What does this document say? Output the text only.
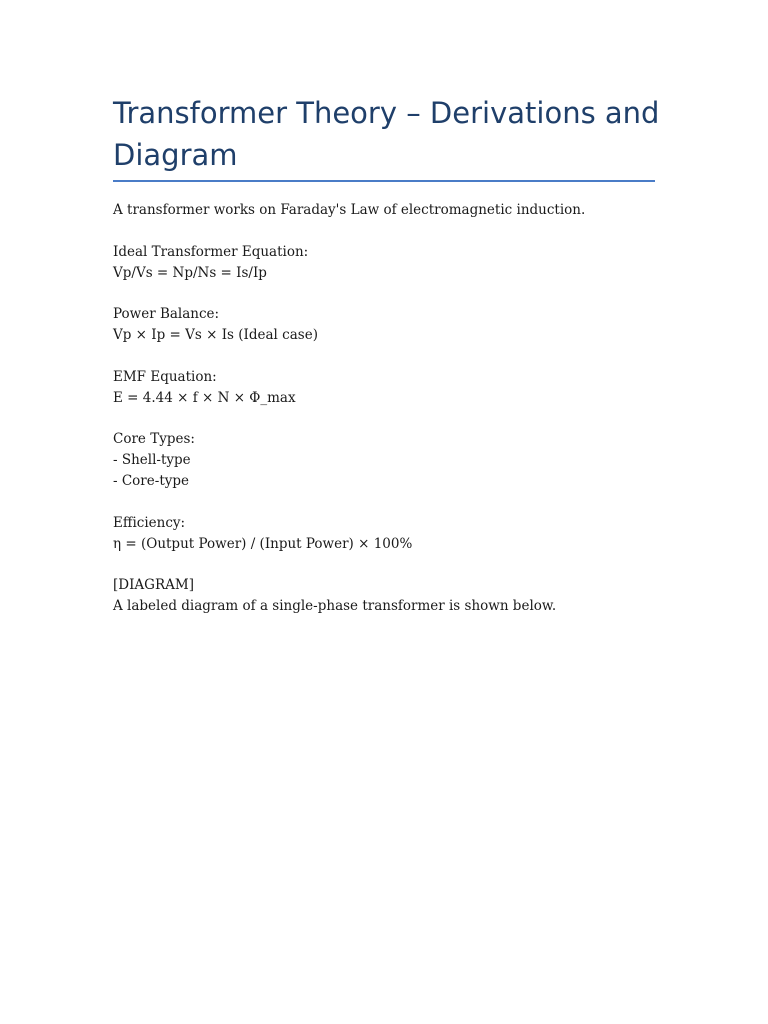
Transformer Theory – Derivations and Diagram
A transformer works on Faraday's Law of electromagnetic induction.
Ideal Transformer Equation:
Vp/Vs = Np/Ns = Is/Ip
Power Balance:
Vp × Ip = Vs × Is (Ideal case)
EMF Equation:
E = 4.44 × f × N × Φ_max
Core Types:
- Shell-type
- Core-type
Efficiency:
η = (Output Power) / (Input Power) × 100%
[DIAGRAM]
A labeled diagram of a single-phase transformer is shown below.
